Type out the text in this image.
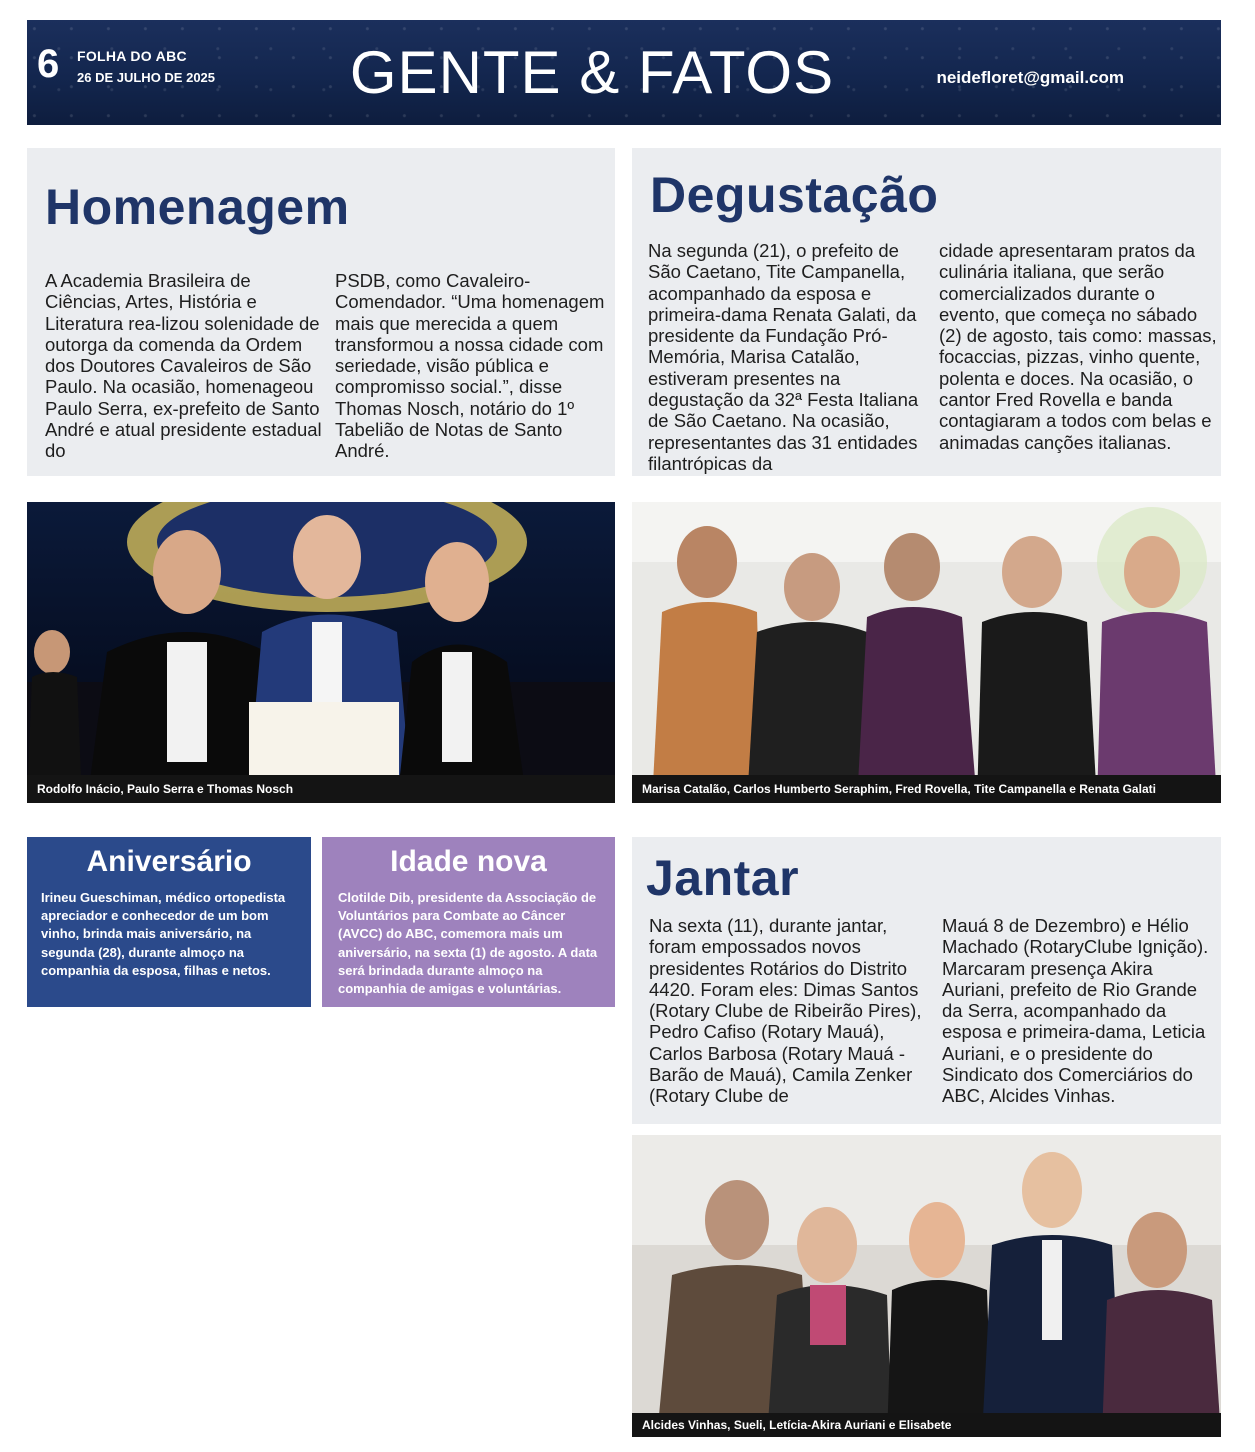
6 FOLHA DO ABC
26 DE JULHO DE 2025	GENTE & FATOS	neidefloret@gmail.com
Homenagem
A Academia Brasileira de Ciências, Artes, História e Literatura rea-lizou solenidade de outorga da comenda da Ordem dos Doutores Cavaleiros de São Paulo. Na ocasião, homenageou Paulo Serra, ex-prefeito de Santo André e atual presidente estadual do
PSDB, como Cavaleiro-Comendador. “Uma homenagem mais que merecida a quem transformou a nossa cidade com seriedade, visão pública e compromisso social.”, disse Thomas Nosch, notário do 1º Tabelião de Notas de Santo André.
Degustação
Na segunda (21), o prefeito de São Caetano, Tite Campanella, acompanhado da esposa e primeira-dama Renata Galati, da presidente da Fundação Pró-Memória, Marisa Catalão, estiveram presentes na degustação da 32ª Festa Italiana de São Caetano. Na ocasião, representantes das 31 entidades filantrópicas da
cidade apresentaram pratos da culinária italiana, que serão comercializados durante o evento, que começa no sábado (2) de agosto, tais como: massas, focaccias, pizzas, vinho quente, polenta e doces. Na ocasião, o cantor Fred Rovella e banda contagiaram a todos com belas e animadas canções italianas.
Rodolfo Inácio, Paulo Serra e Thomas Nosch	Marisa Catalão, Carlos Humberto Seraphim, Fred Rovella, Tite Campanella e Renata Galati
Aniversário

Irineu Gueschiman, médico ortopedista apreciador e conhecedor de um bom vinho, brinda mais aniversário, na segunda (28), durante almoço na companhia da esposa, filhas e netos.

Idade nova

Clotilde Dib, presidente da Associação de Voluntários para Combate ao Câncer (AVCC) do ABC, comemora mais um aniversário, na sexta (1) de agosto. A data será brindada durante almoço na companhia de amigas e voluntárias.

Jantar
Na sexta (11), durante jantar, foram empossados novos presidentes Rotários do Distrito 4420. Foram eles: Dimas Santos (Rotary Clube de Ribeirão Pires), Pedro Cafiso (Rotary Mauá), Carlos Barbosa (Rotary Mauá - Barão de Mauá), Camila Zenker (Rotary Clube de
Mauá 8 de Dezembro) e Hélio Machado (RotaryClube Ignição). Marcaram presença Akira Auriani, prefeito de Rio Grande da Serra, acompanhado da esposa e primeira-dama, Leticia Auriani, e o presidente do Sindicato dos Comerciários do ABC, Alcides Vinhas.
Alcides Vinhas, Sueli, Letícia-Akira Auriani e Elisabete
